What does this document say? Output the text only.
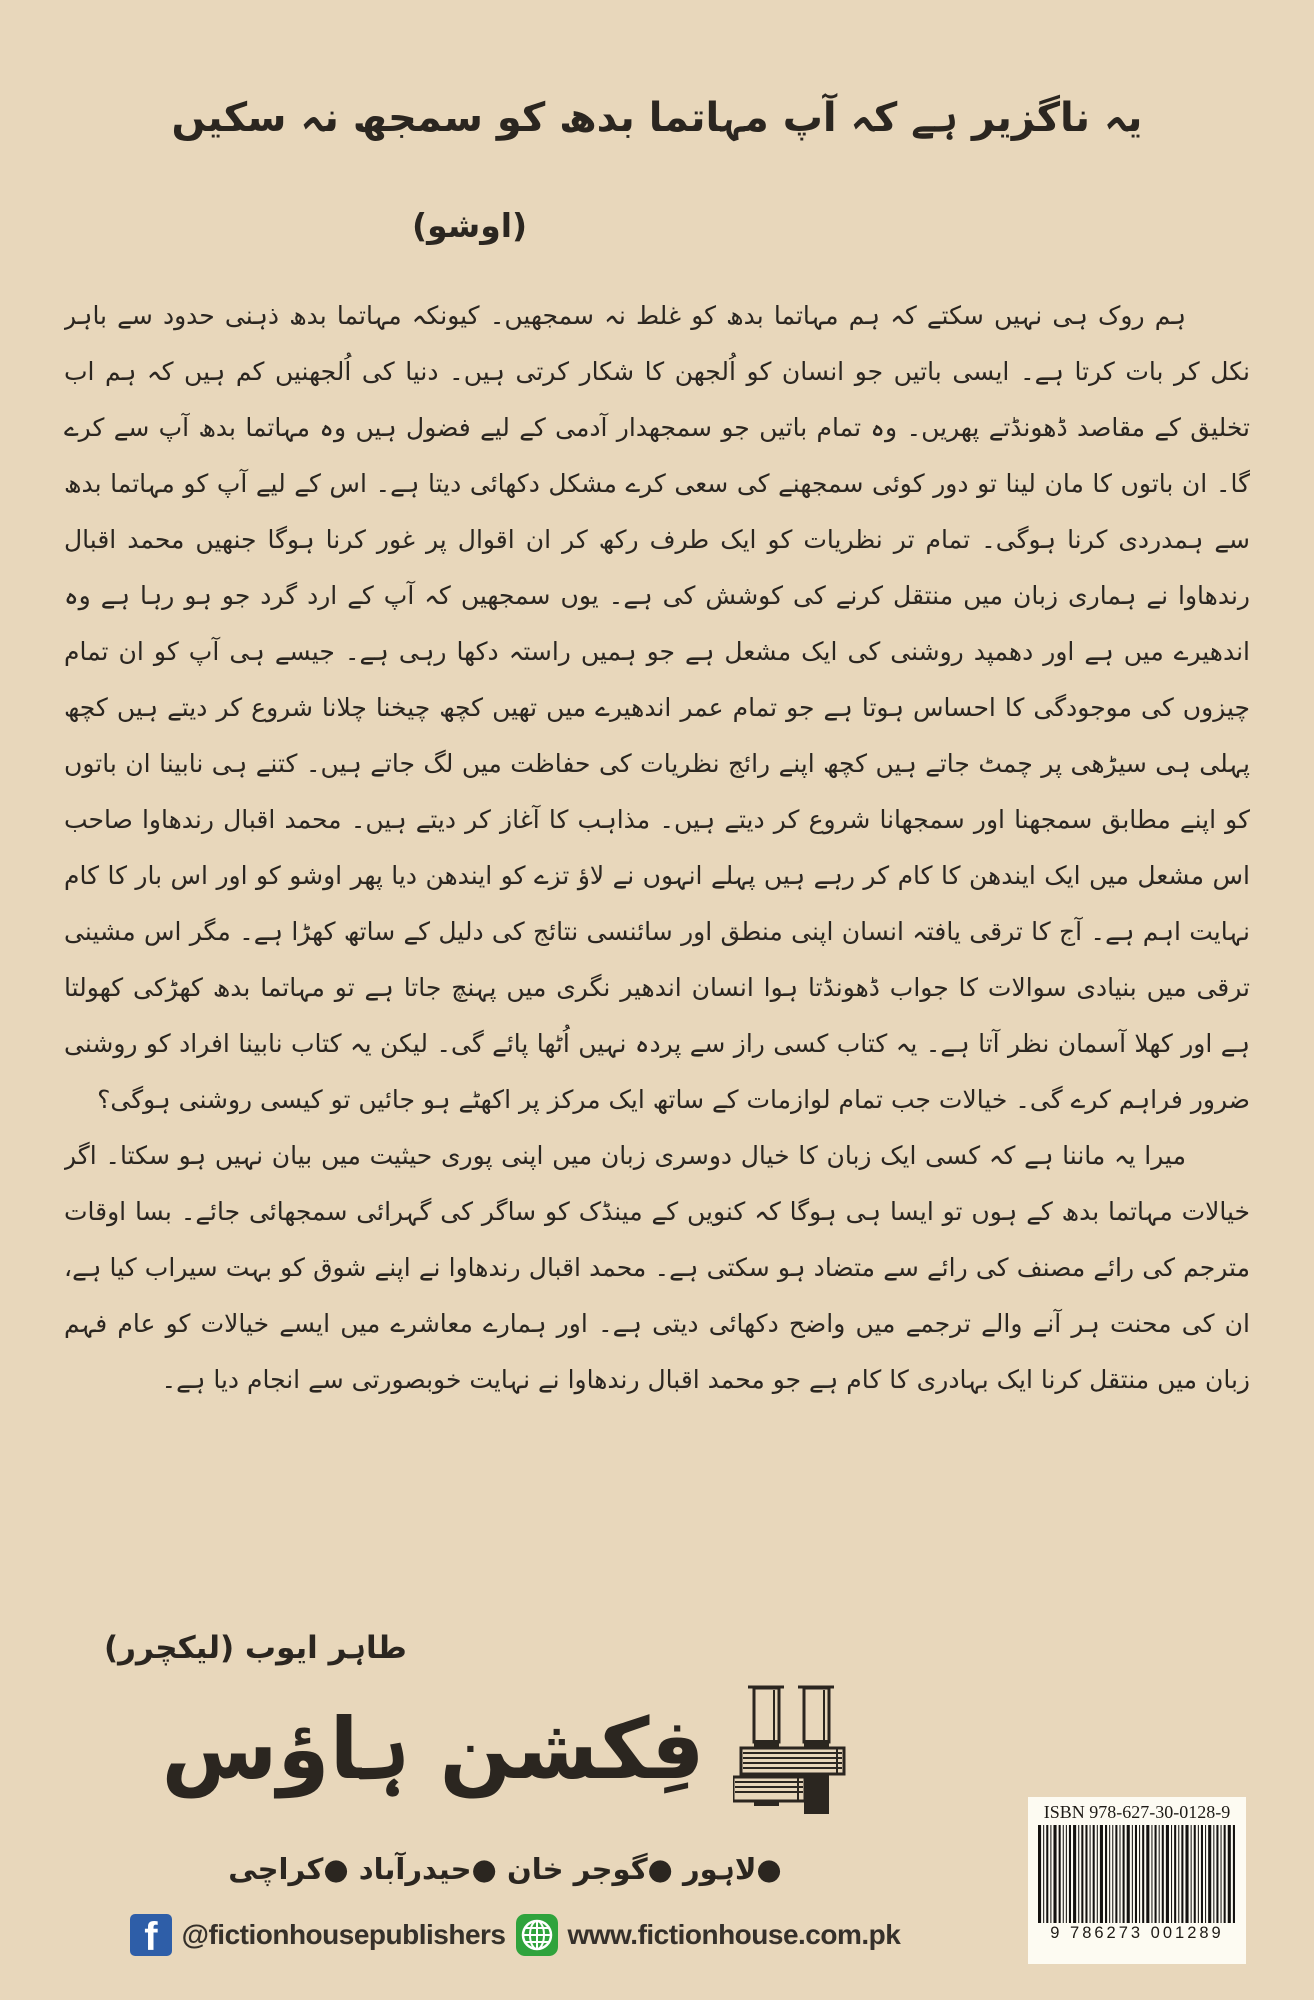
یہ ناگزیر ہے کہ آپ مہاتما بدھ کو سمجھ نہ سکیں
(اوشو)

ہم روک ہی نہیں سکتے کہ ہم مہاتما بدھ کو غلط نہ سمجھیں۔ کیونکہ مہاتما بدھ ذہنی حدود سے باہر نکل کر بات کرتا ہے۔ ایسی باتیں جو انسان کو اُلجھن کا شکار کرتی ہیں۔ دنیا کی اُلجھنیں کم ہیں کہ ہم اب تخلیق کے مقاصد ڈھونڈتے پھریں۔ وہ تمام باتیں جو سمجھدار آدمی کے لیے فضول ہیں وہ مہاتما بدھ آپ سے کرے گا۔ ان باتوں کا مان لینا تو دور کوئی سمجھنے کی سعی کرے مشکل دکھائی دیتا ہے۔ اس کے لیے آپ کو مہاتما بدھ سے ہمدردی کرنا ہوگی۔ تمام تر نظریات کو ایک طرف رکھ کر ان اقوال پر غور کرنا ہوگا جنھیں محمد اقبال رندھاوا نے ہماری زبان میں منتقل کرنے کی کوشش کی ہے۔ یوں سمجھیں کہ آپ کے ارد گرد جو ہو رہا ہے وہ اندھیرے میں ہے اور دھمپد روشنی کی ایک مشعل ہے جو ہمیں راستہ دکھا رہی ہے۔ جیسے ہی آپ کو ان تمام چیزوں کی موجودگی کا احساس ہوتا ہے جو تمام عمر اندھیرے میں تھیں کچھ چیخنا چلانا شروع کر دیتے ہیں کچھ پہلی ہی سیڑھی پر چمٹ جاتے ہیں کچھ اپنے رائج نظریات کی حفاظت میں لگ جاتے ہیں۔ کتنے ہی نابینا ان باتوں کو اپنے مطابق سمجھنا اور سمجھانا شروع کر دیتے ہیں۔ مذاہب کا آغاز کر دیتے ہیں۔ محمد اقبال رندھاوا صاحب اس مشعل میں ایک ایندھن کا کام کر رہے ہیں پہلے انہوں نے لاؤ تزے کو ایندھن دیا پھر اوشو کو اور اس بار کا کام نہایت اہم ہے۔ آج کا ترقی یافتہ انسان اپنی منطق اور سائنسی نتائج کی دلیل کے ساتھ کھڑا ہے۔ مگر اس مشینی ترقی میں بنیادی سوالات کا جواب ڈھونڈتا ہوا انسان اندھیر نگری میں پہنچ جاتا ہے تو مہاتما بدھ کھڑکی کھولتا ہے اور کھلا آسمان نظر آتا ہے۔ یہ کتاب کسی راز سے پردہ نہیں اُٹھا پائے گی۔ لیکن یہ کتاب نابینا افراد کو روشنی ضرور فراہم کرے گی۔ خیالات جب تمام لوازمات کے ساتھ ایک مرکز پر اکھٹے ہو جائیں تو کیسی روشنی ہوگی؟

میرا یہ ماننا ہے کہ کسی ایک زبان کا خیال دوسری زبان میں اپنی پوری حیثیت میں بیان نہیں ہو سکتا۔ اگر خیالات مہاتما بدھ کے ہوں تو ایسا ہی ہوگا کہ کنویں کے مینڈک کو ساگر کی گہرائی سمجھائی جائے۔ بسا اوقات مترجم کی رائے مصنف کی رائے سے متضاد ہو سکتی ہے۔ محمد اقبال رندھاوا نے اپنے شوق کو بہت سیراب کیا ہے، ان کی محنت ہر آنے والے ترجمے میں واضح دکھائی دیتی ہے۔ اور ہمارے معاشرے میں ایسے خیالات کو عام فہم زبان میں منتقل کرنا ایک بہادری کا کام ہے جو محمد اقبال رندھاوا نے نہایت خوبصورتی سے انجام دیا ہے۔

طاہر ایوب (لیکچرر)
فِکشن ہاؤس
●لاہور ●گوجر خان ●حیدرآباد ●کراچی
f @fictionhousepublishers www.fictionhouse.com.pk
ISBN 978-627-30-0128-9
9 786273 001289
